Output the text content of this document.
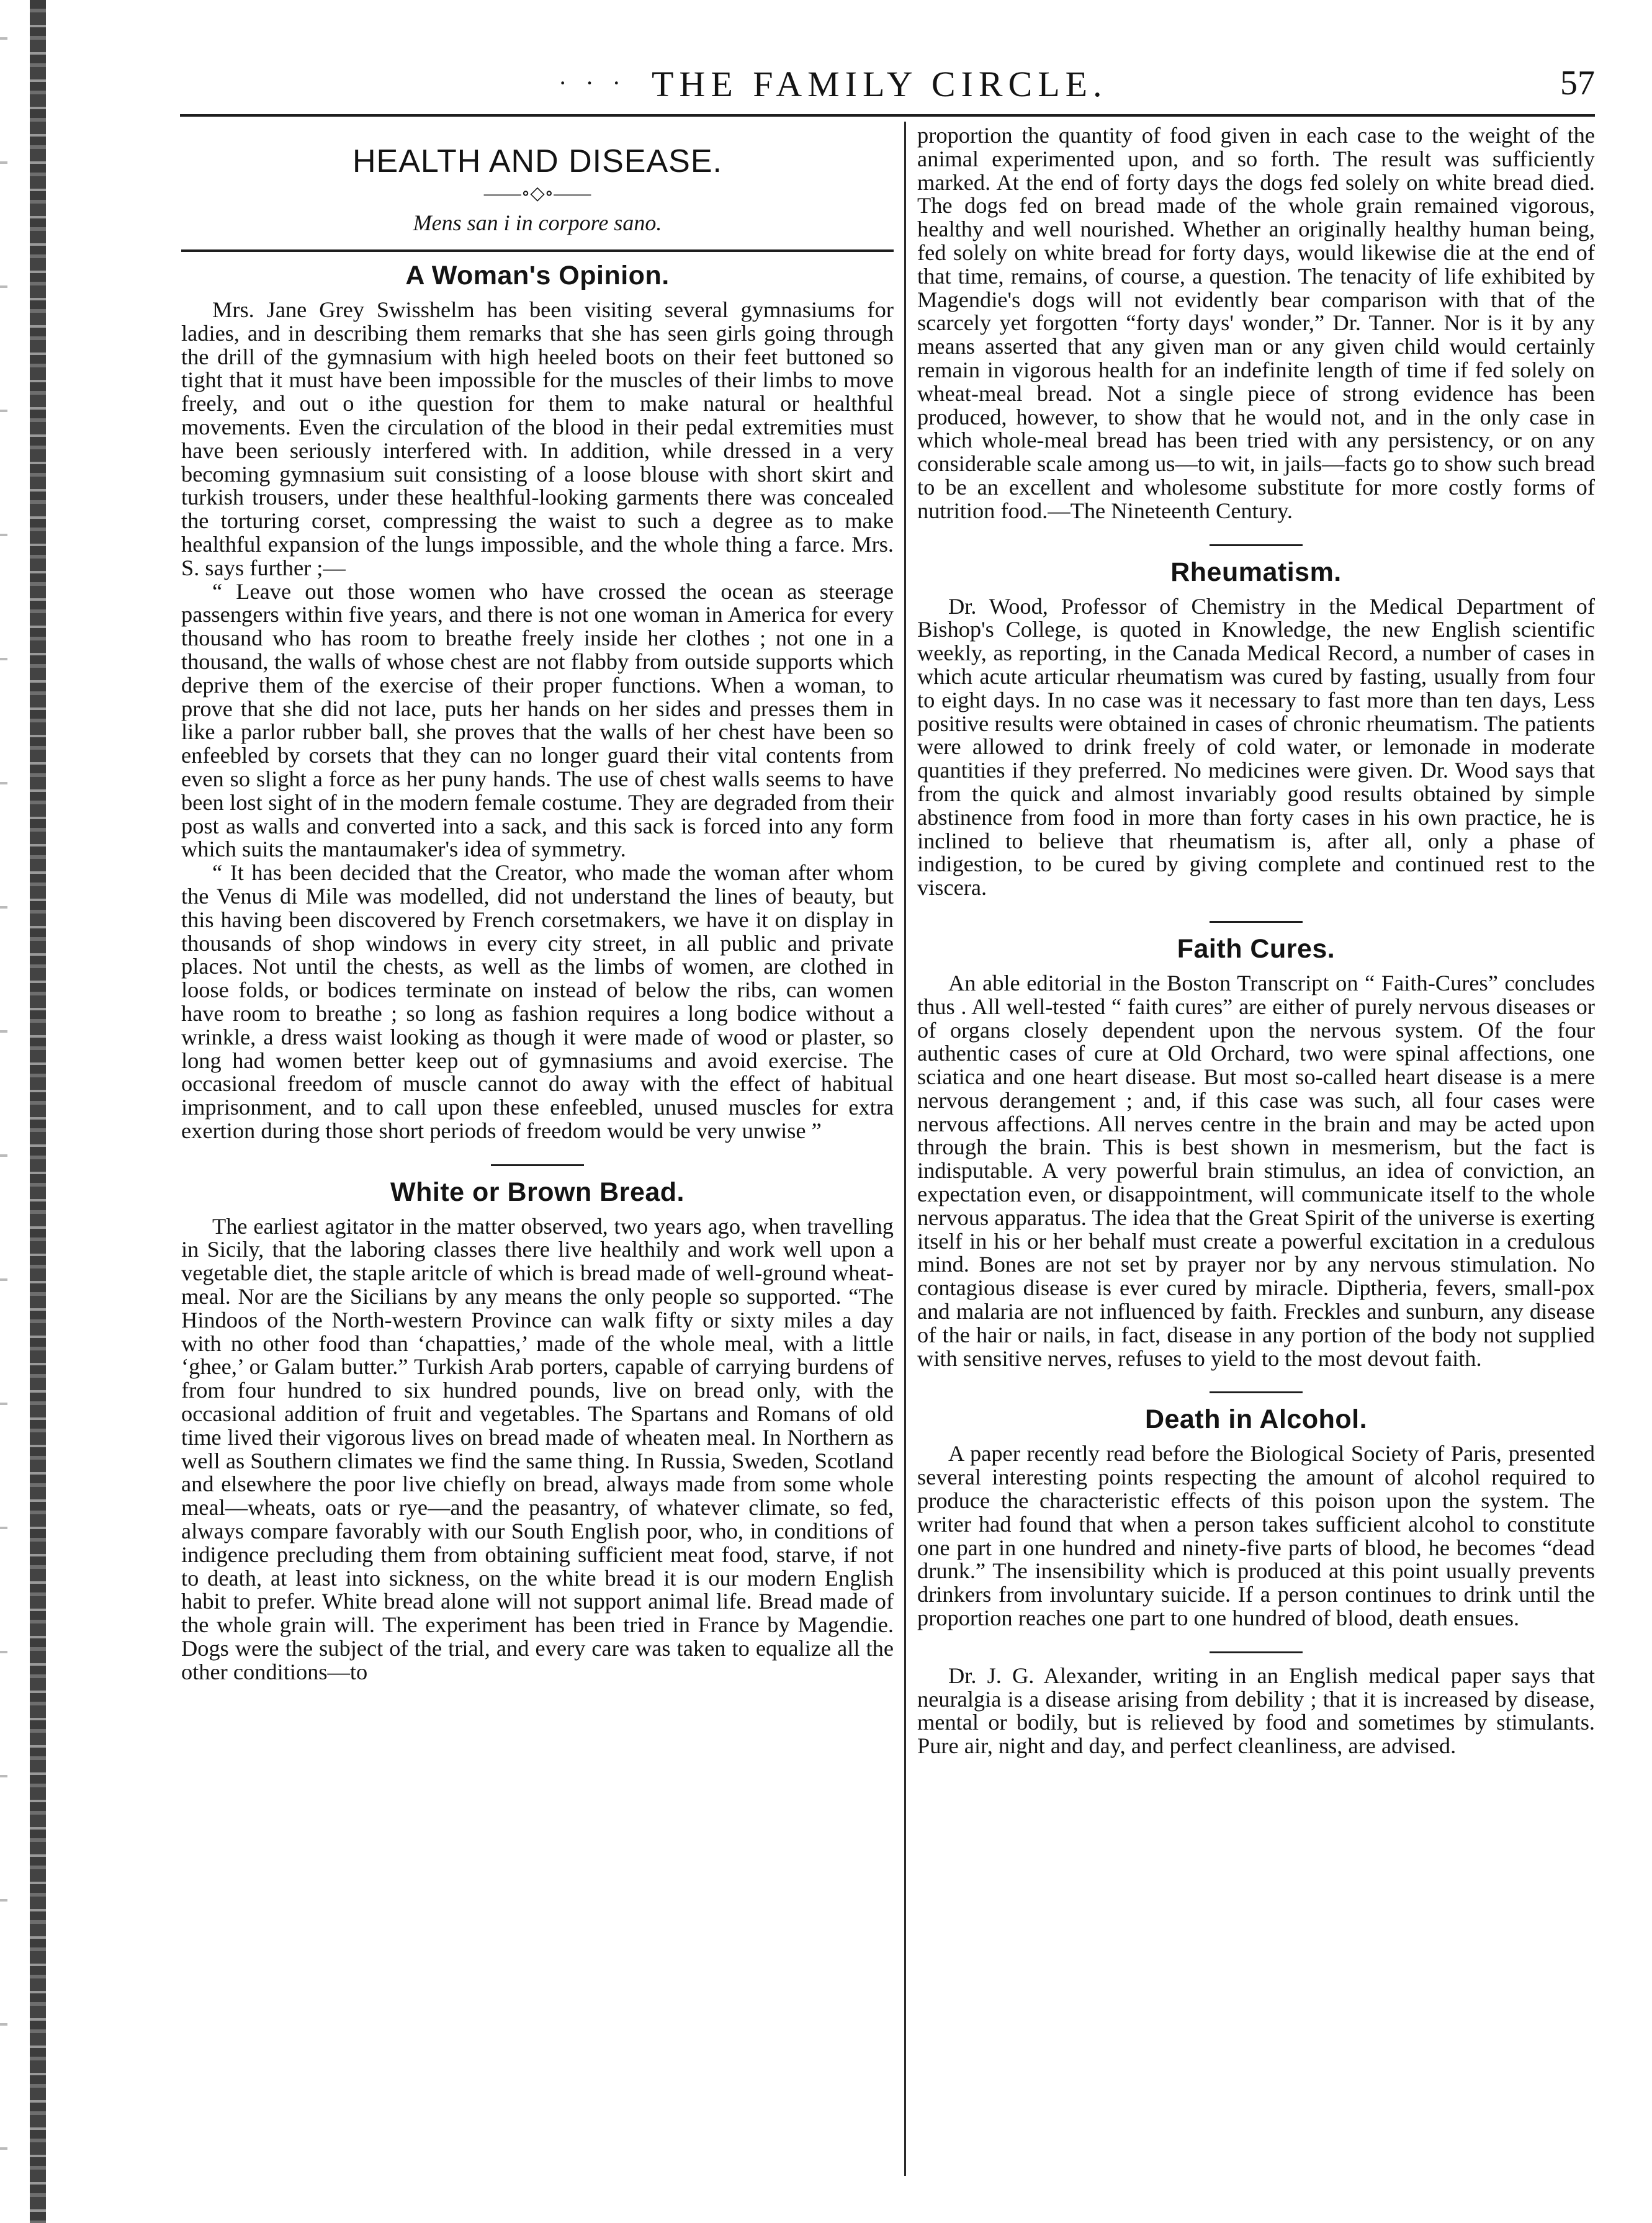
· · · THE FAMILY CIRCLE.	57
HEALTH AND DISEASE.

——∘◇∘——

Mens san i in corpore sano.

A Woman's Opinion.

Mrs. Jane Grey Swisshelm has been visiting several gymnasiums for ladies, and in describing them remarks that she has seen girls going through the drill of the gymnasium with high heeled boots on their feet buttoned so tight that it must have been impossible for the muscles of their limbs to move freely, and out o ithe question for them to make natural or healthful movements. Even the circulation of the blood in their pedal extremities must have been seriously interfered with. In addition, while dressed in a very becoming gymnasium suit consisting of a loose blouse with short skirt and turkish trousers, under these healthful-looking garments there was concealed the torturing corset, compressing the waist to such a degree as to make healthful expansion of the lungs impossible, and the whole thing a farce. Mrs. S. says further ;—

“ Leave out those women who have crossed the ocean as steerage passengers within five years, and there is not one woman in America for every thousand who has room to breathe freely inside her clothes ; not one in a thousand, the walls of whose chest are not flabby from outside supports which deprive them of the exercise of their proper functions. When a woman, to prove that she did not lace, puts her hands on her sides and presses them in like a parlor rubber ball, she proves that the walls of her chest have been so enfeebled by corsets that they can no longer guard their vital contents from even so slight a force as her puny hands. The use of chest walls seems to have been lost sight of in the modern female costume. They are degraded from their post as walls and converted into a sack, and this sack is forced into any form which suits the mantaumaker's idea of symmetry.

“ It has been decided that the Creator, who made the woman after whom the Venus di Mile was modelled, did not understand the lines of beauty, but this having been discovered by French corsetmakers, we have it on display in thousands of shop windows in every city street, in all public and private places. Not until the chests, as well as the limbs of women, are clothed in loose folds, or bodices terminate on instead of below the ribs, can women have room to breathe ; so long as fashion requires a long bodice without a wrinkle, a dress waist looking as though it were made of wood or plaster, so long had women better keep out of gymnasiums and avoid exercise. The occasional freedom of muscle cannot do away with the effect of habitual imprisonment, and to call upon these enfeebled, unused muscles for extra exertion during those short periods of freedom would be very unwise ”

White or Brown Bread.

The earliest agitator in the matter observed, two years ago, when travelling in Sicily, that the laboring classes there live healthily and work well upon a vegetable diet, the staple aritcle of which is bread made of well-ground wheat-meal. Nor are the Sicilians by any means the only people so supported. “The Hindoos of the North-western Province can walk fifty or sixty miles a day with no other food than ‘chapatties,’ made of the whole meal, with a little ‘ghee,’ or Galam butter.” Turkish Arab porters, capable of carrying burdens of from four hundred to six hundred pounds, live on bread only, with the occasional addition of fruit and vegetables. The Spartans and Romans of old time lived their vigorous lives on bread made of wheaten meal. In Northern as well as Southern climates we find the same thing. In Russia, Sweden, Scotland and elsewhere the poor live chiefly on bread, always made from some whole meal—wheats, oats or rye—and the peasantry, of whatever climate, so fed, always compare favorably with our South English poor, who, in conditions of indigence precluding them from obtaining sufficient meat food, starve, if not to death, at least into sickness, on the white bread it is our modern English habit to prefer. White bread alone will not support animal life. Bread made of the whole grain will. The experiment has been tried in France by Magendie. Dogs were the subject of the trial, and every care was taken to equalize all the other conditions—to

proportion the quantity of food given in each case to the weight of the animal experimented upon, and so forth. The result was sufficiently marked. At the end of forty days the dogs fed solely on white bread died. The dogs fed on bread made of the whole grain remained vigorous, healthy and well nourished. Whether an originally healthy human being, fed solely on white bread for forty days, would likewise die at the end of that time, remains, of course, a question. The tenacity of life exhibited by Magendie's dogs will not evidently bear comparison with that of the scarcely yet forgotten “forty days' wonder,” Dr. Tanner. Nor is it by any means asserted that any given man or any given child would certainly remain in vigorous health for an indefinite length of time if fed solely on wheat-meal bread. Not a single piece of strong evidence has been produced, however, to show that he would not, and in the only case in which whole-meal bread has been tried with any persistency, or on any considerable scale among us—to wit, in jails—facts go to show such bread to be an excellent and wholesome substitute for more costly forms of nutrition food.—The Nineteenth Century.

Rheumatism.

Dr. Wood, Professor of Chemistry in the Medical Department of Bishop's College, is quoted in Knowledge, the new English scientific weekly, as reporting, in the Canada Medical Record, a number of cases in which acute articular rheumatism was cured by fasting, usually from four to eight days. In no case was it necessary to fast more than ten days, Less positive results were obtained in cases of chronic rheumatism. The patients were allowed to drink freely of cold water, or lemonade in moderate quantities if they preferred. No medicines were given. Dr. Wood says that from the quick and almost invariably good results obtained by simple abstinence from food in more than forty cases in his own practice, he is inclined to believe that rheumatism is, after all, only a phase of indigestion, to be cured by giving complete and continued rest to the viscera.

Faith Cures.

An able editorial in the Boston Transcript on “ Faith-Cures” concludes thus . All well-tested “ faith cures” are either of purely nervous diseases or of organs closely dependent upon the nervous system. Of the four authentic cases of cure at Old Orchard, two were spinal affections, one sciatica and one heart disease. But most so-called heart disease is a mere nervous derangement ; and, if this case was such, all four cases were nervous affections. All nerves centre in the brain and may be acted upon through the brain. This is best shown in mesmerism, but the fact is indisputable. A very powerful brain stimulus, an idea of conviction, an expectation even, or disappointment, will communicate itself to the whole nervous apparatus. The idea that the Great Spirit of the universe is exerting itself in his or her behalf must create a powerful excitation in a credulous mind. Bones are not set by prayer nor by any nervous stimulation. No contagious disease is ever cured by miracle. Diptheria, fevers, small-pox and malaria are not influenced by faith. Freckles and sunburn, any disease of the hair or nails, in fact, disease in any portion of the body not supplied with sensitive nerves, refuses to yield to the most devout faith.

Death in Alcohol.

A paper recently read before the Biological Society of Paris, presented several interesting points respecting the amount of alcohol required to produce the characteristic effects of this poison upon the system. The writer had found that when a person takes sufficient alcohol to constitute one part in one hundred and ninety-five parts of blood, he becomes “dead drunk.” The insensibility which is produced at this point usually prevents drinkers from involuntary suicide. If a person continues to drink until the proportion reaches one part to one hundred of blood, death ensues.

Dr. J. G. Alexander, writing in an English medical paper says that neuralgia is a disease arising from debility ; that it is increased by disease, mental or bodily, but is relieved by food and sometimes by stimulants. Pure air, night and day, and perfect cleanliness, are advised.
